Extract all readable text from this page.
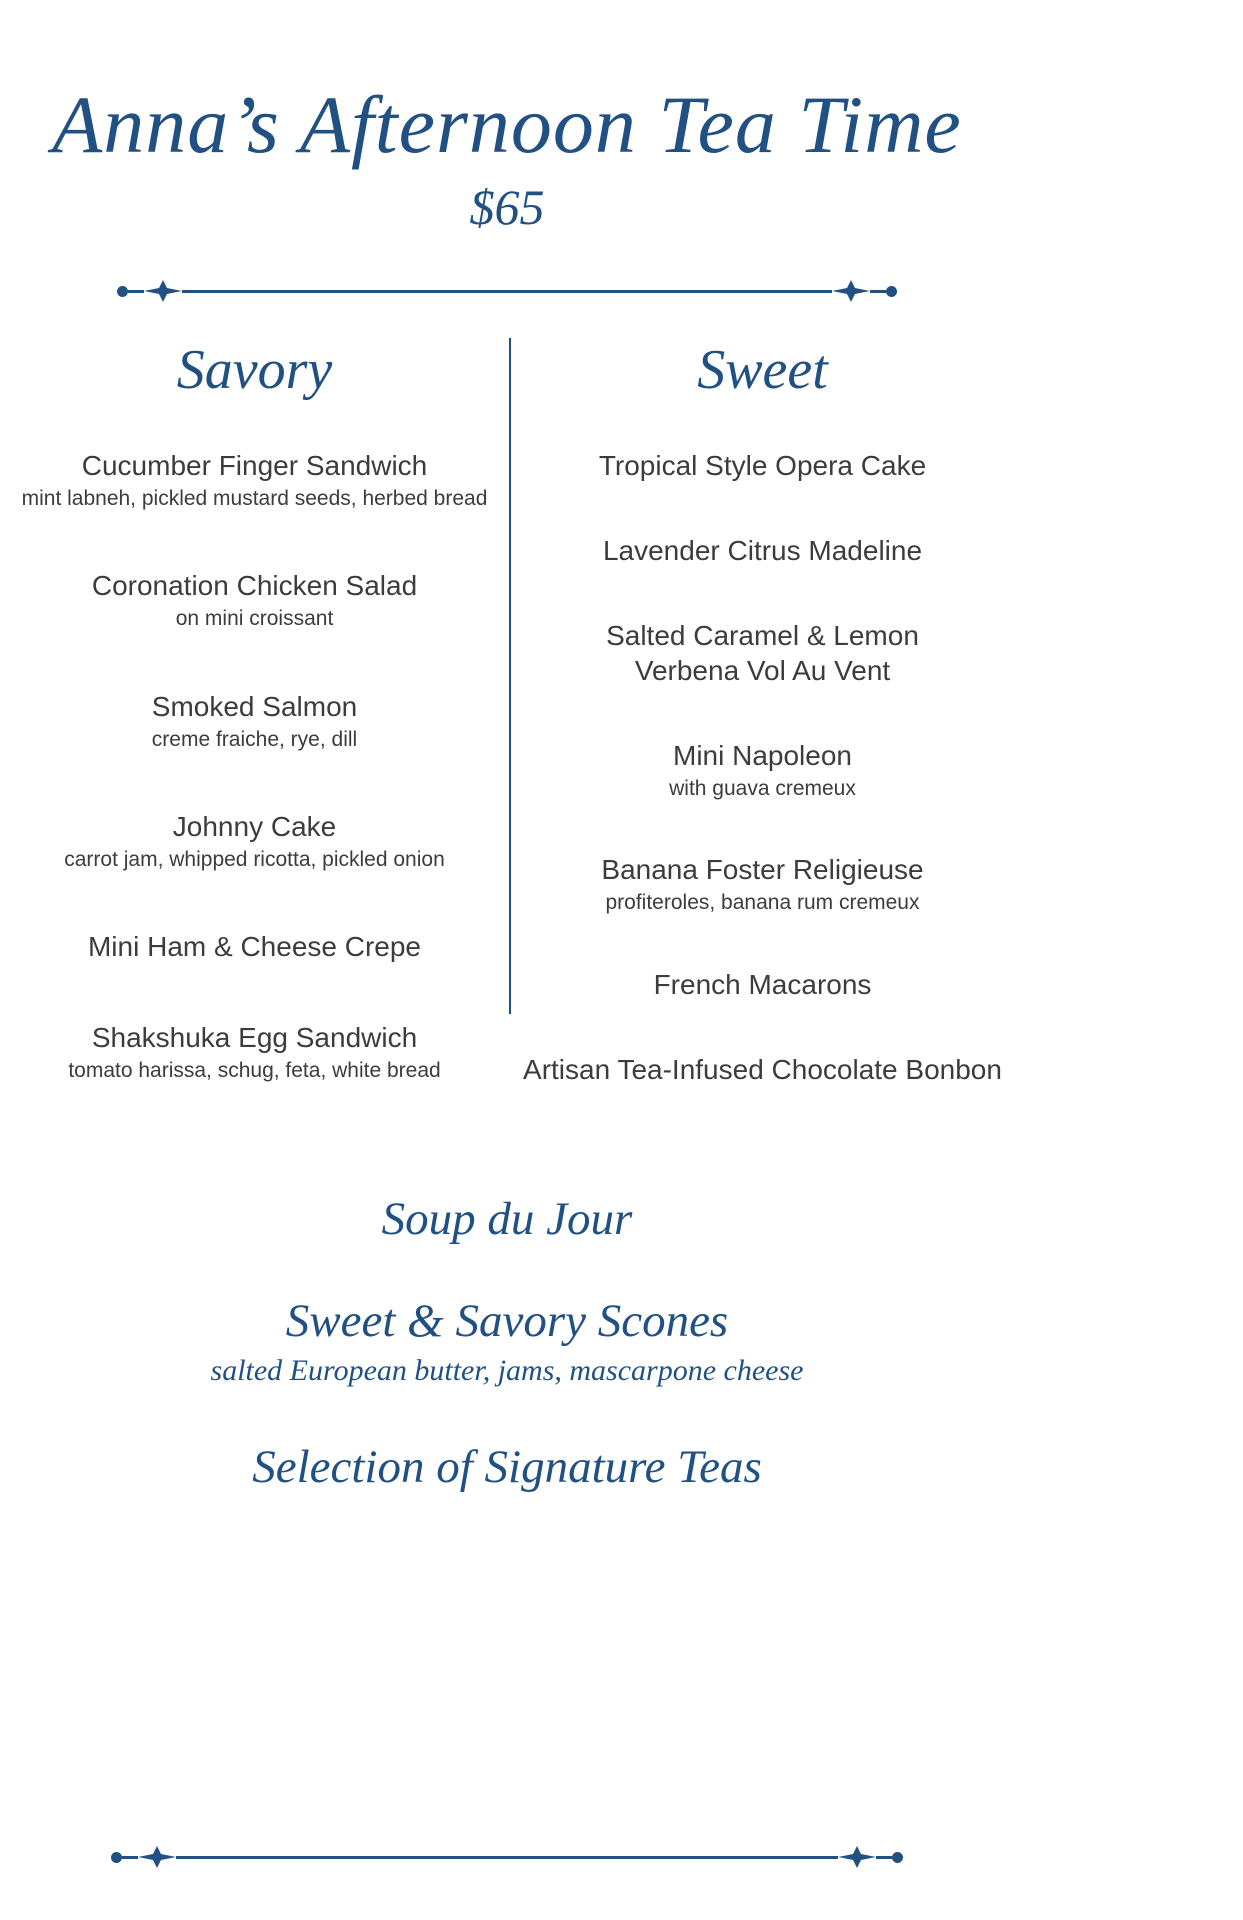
Anna’s Afternoon Tea Time
$65
Savory
Cucumber Finger Sandwich
mint labneh, pickled mustard seeds, herbed bread
Coronation Chicken Salad
on mini croissant
Smoked Salmon
creme fraiche, rye, dill
Johnny Cake
carrot jam, whipped ricotta, pickled onion
Mini Ham & Cheese Crepe
Shakshuka Egg Sandwich
tomato harissa, schug, feta, white bread
Sweet
Tropical Style Opera Cake
Lavender Citrus Madeline
Salted Caramel & Lemon Verbena Vol Au Vent
Mini Napoleon
with guava cremeux
Banana Foster Religieuse
profiteroles, banana rum cremeux
French Macarons
Artisan Tea-Infused Chocolate Bonbon
Soup du Jour
Sweet & Savory Scones
salted European butter, jams, mascarpone cheese
Selection of Signature Teas
